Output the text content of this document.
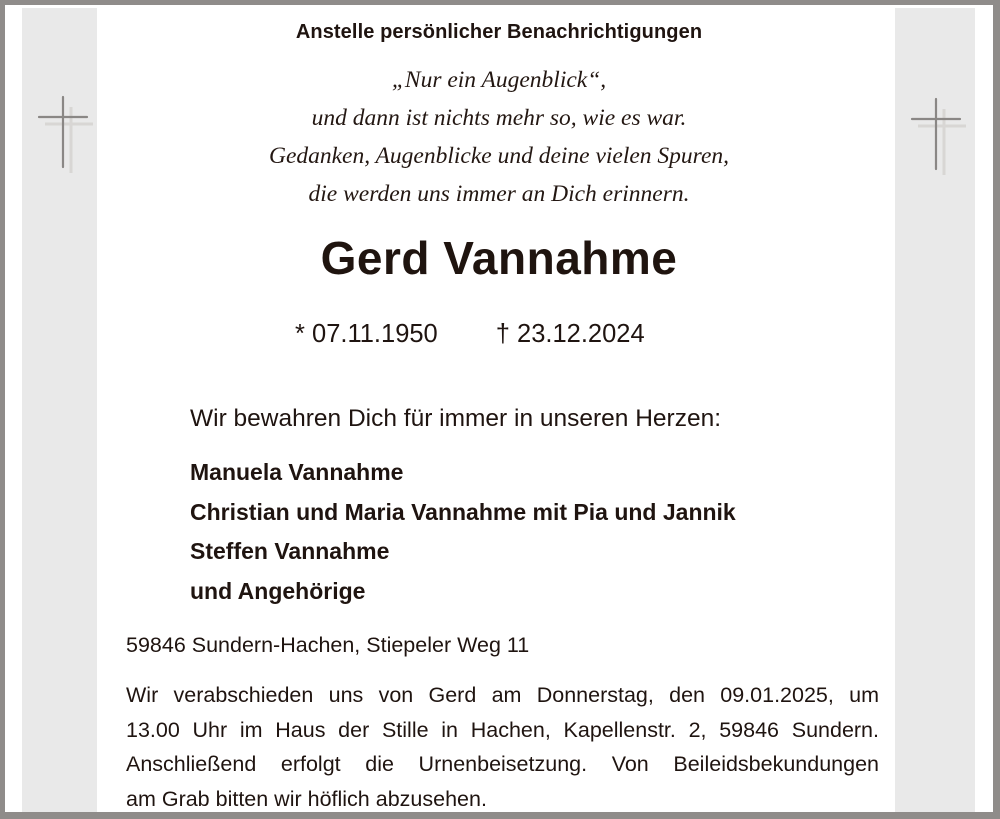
Anstelle persönlicher Benachrichtigungen
„Nur ein Augenblick“,
und dann ist nichts mehr so, wie es war.
Gedanken, Augenblicke und deine vielen Spuren,
die werden uns immer an Dich erinnern.
Gerd Vannahme
* 07.11.1950 † 23.12.2024
Wir bewahren Dich für immer in unseren Herzen:
Manuela Vannahme
Christian und Maria Vannahme mit Pia und Jannik
Steffen Vannahme
und Angehörige
59846 Sundern-Hachen, Stiepeler Weg 11
Wir verabschieden uns von Gerd am Donnerstag, den 09.01.2025, um
13.00 Uhr im Haus der Stille in Hachen, Kapellenstr. 2, 59846 Sundern.
Anschließend erfolgt die Urnenbeisetzung. Von Beileidsbekundungen
am Grab bitten wir höflich abzusehen.
